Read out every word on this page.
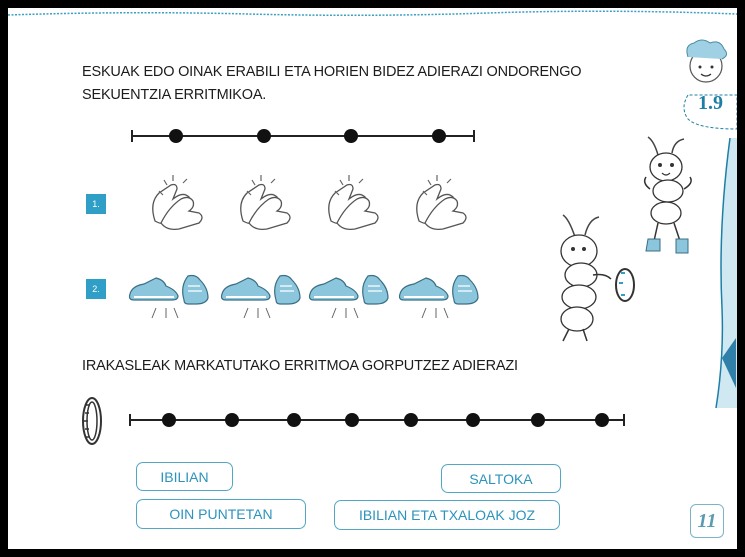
ESKUAK EDO OINAK ERABILI ETA HORIEN BIDEZ ADIERAZI ONDORENGO
SEKUENTZIA ERRITMIKOA.
1.
2.
IRAKASLEAK MARKATUTAKO ERRITMOA GORPUTZEZ ADIERAZI
IBILIAN	SALTOKA
OIN PUNTETAN	IBILIAN ETA TXALOAK JOZ
1.9
11
